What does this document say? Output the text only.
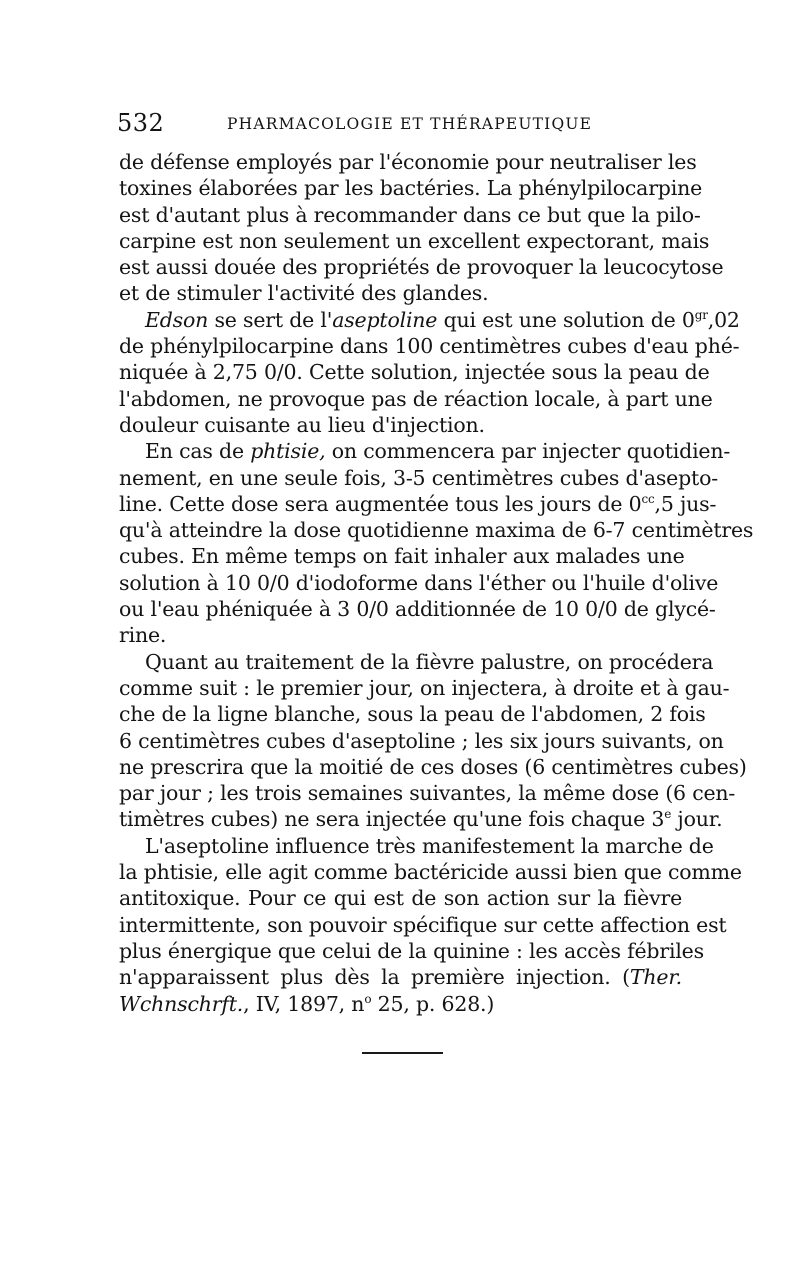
532	PHARMACOLOGIE ET THÉRAPEUTIQUE
de défense employés par l'économie pour neutraliser les
toxines élaborées par les bactéries. La phénylpilocarpine
est d'autant plus à recommander dans ce but que la pilo-
carpine est non seulement un excellent expectorant, mais
est aussi douée des propriétés de provoquer la leucocytose
et de stimuler l'activité des glandes.
Edson se sert de l'aseptoline qui est une solution de $0^{gr},02$
de phénylpilocarpine dans 100 centimètres cubes d'eau phé-
niquée à 2,75 0/0. Cette solution, injectée sous la peau de
l'abdomen, ne provoque pas de réaction locale, à part une
douleur cuisante au lieu d'injection.
En cas de phtisie, on commencera par injecter quotidien-
nement, en une seule fois, 3-5 centimètres cubes d'asepto-
line. Cette dose sera augmentée tous les jours de $0^{cc},5$ jus-
qu'à atteindre la dose quotidienne maxima de 6-7 centimètres
cubes. En même temps on fait inhaler aux malades une
solution à 10 0/0 d'iodoforme dans l'éther ou l'huile d'olive
ou l'eau phéniquée à 3 0/0 additionnée de 10 0/0 de glycé-
rine.
Quant au traitement de la fièvre palustre, on procédera
comme suit : le premier jour, on injectera, à droite et à gau-
che de la ligne blanche, sous la peau de l'abdomen, 2 fois
6 centimètres cubes d'aseptoline ; les six jours suivants, on
ne prescrira que la moitié de ces doses (6 centimètres cubes)
par jour ; les trois semaines suivantes, la même dose (6 cen-
timètres cubes) ne sera injectée qu'une fois chaque 3e jour.
L'aseptoline influence très manifestement la marche de
la phtisie, elle agit comme bactéricide aussi bien que comme
antitoxique. Pour ce qui est de son action sur la fièvre
intermittente, son pouvoir spécifique sur cette affection est
plus énergique que celui de la quinine : les accès fébriles
n'apparaissent plus dès la première injection. (Ther.
Wchnschrft., IV, 1897, $n^o$ 25, p. 628.)
